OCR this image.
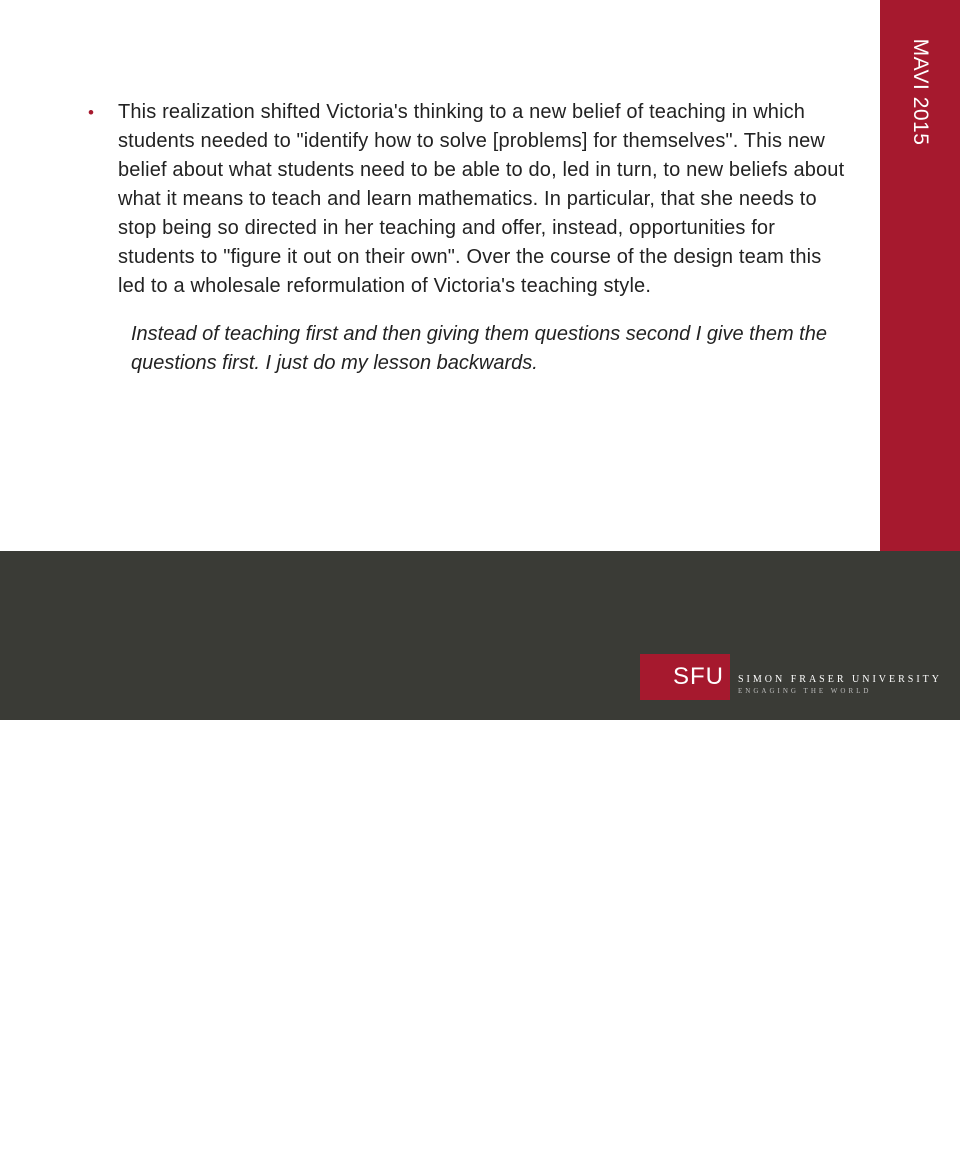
MAVI 2015
•	This realization shifted Victoria's thinking to a new belief of teaching in which students needed to "identify how to solve [problems] for themselves". This new belief about what students need to be able to do, led in turn, to new beliefs about what it means to teach and learn mathematics. In particular, that she needs to stop being so directed in her teaching and offer, instead, opportunities for students to "figure it out on their own". Over the course of the design team this led to a wholesale reformulation of Victoria's teaching style.
Instead of teaching first and then giving them questions second I give them the questions first. I just do my lesson backwards.
The Case of Victoria
SFU	SIMON FRASER UNIVERSITY
ENGAGING THE WORLD
